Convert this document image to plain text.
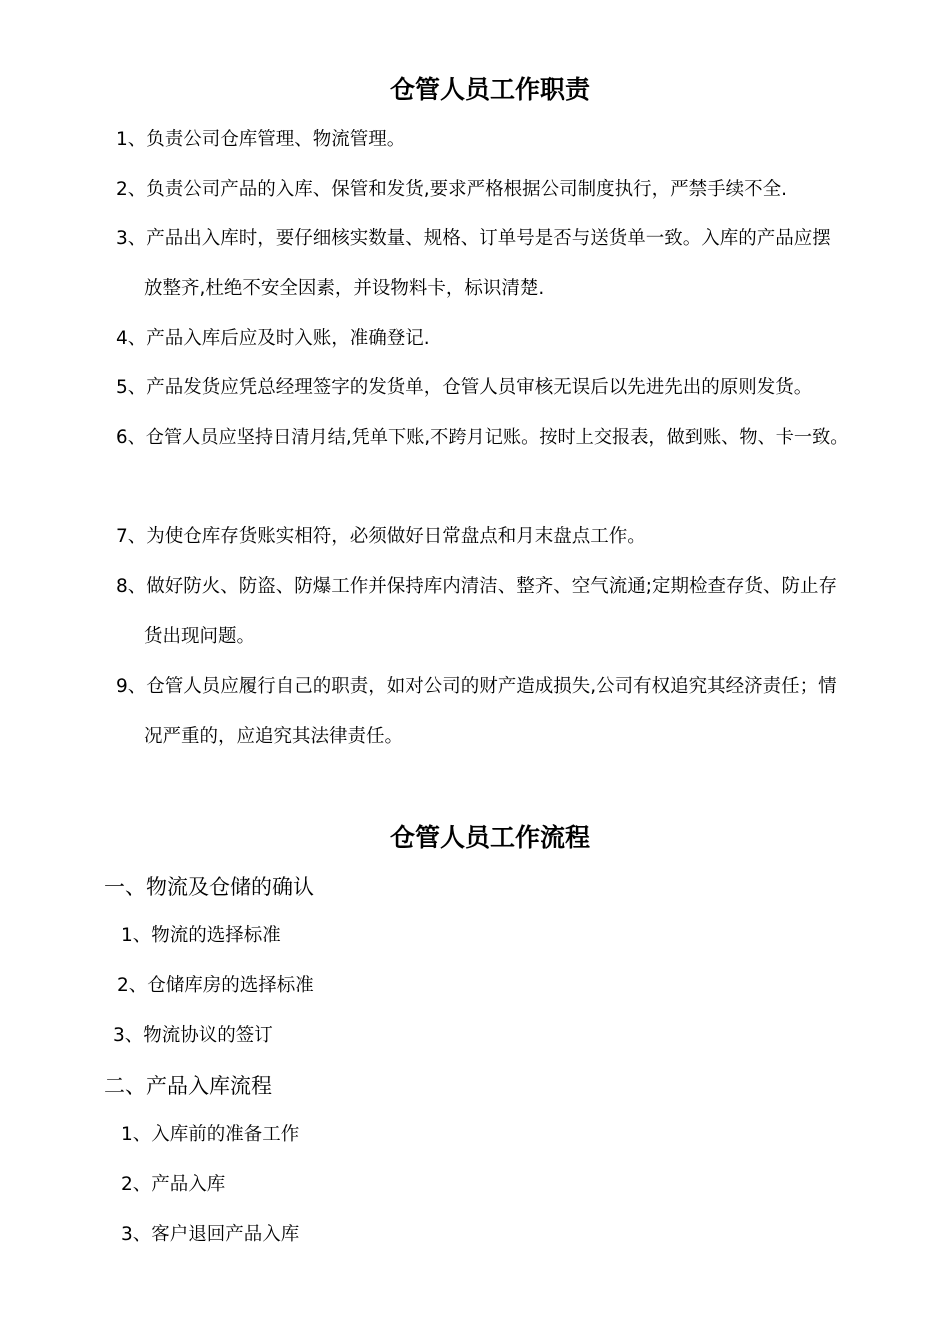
仓管人员工作职责
1、负责公司仓库管理、物流管理。
2、负责公司产品的入库、保管和发货,要求严格根据公司制度执行，严禁手续不全.
3、产品出入库时，要仔细核实数量、规格、订单号是否与送货单一致。入库的产品应摆
放整齐,杜绝不安全因素，并设物料卡，标识清楚.
4、产品入库后应及时入账，准确登记.
5、产品发货应凭总经理签字的发货单，仓管人员审核无误后以先进先出的原则发货。
6、仓管人员应坚持日清月结,凭单下账,不跨月记账。按时上交报表，做到账、物、卡一致。
7、为使仓库存货账实相符，必须做好日常盘点和月末盘点工作。
8、做好防火、防盗、防爆工作并保持库内清洁、整齐、空气流通;定期检查存货、防止存
货出现问题。
9、仓管人员应履行自己的职责，如对公司的财产造成损失,公司有权追究其经济责任；情
况严重的，应追究其法律责任。
仓管人员工作流程
一、物流及仓储的确认
1、物流的选择标准
2、仓储库房的选择标准
3、物流协议的签订
二、产品入库流程
1、入库前的准备工作
2、产品入库
3、客户退回产品入库
